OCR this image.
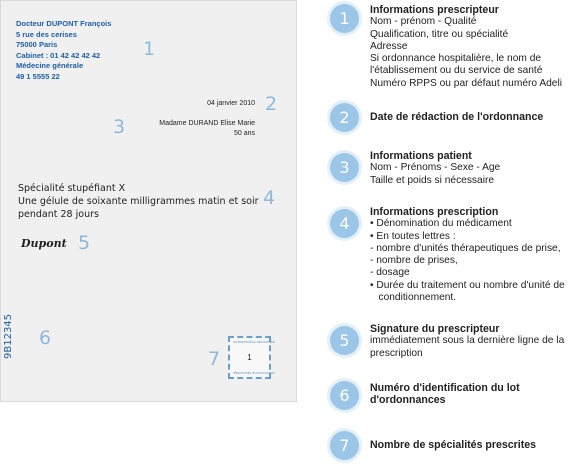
Docteur DUPONT François
5 rue des cerises
75000 Paris
Cabinet : 01 42 42 42 42
Médecine générale
49 1 5555 22
1
04 janvier 2010 2
Madame DURAND Elise Marie
50 ans
3
Spécialité stupéfiant X
Une gélule de soixante milligrammes matin et soir
pendant 28 jours
4
Dupont 5
9B12345 6
7
ORDONNANCE SÉCURISÉE
ORDONNANCE SÉCURISÉE
1
1	Informations prescripteur
Nom - prénom - Qualité
Qualification, titre ou spécialité
Adresse
Si ordonnance hospitalière, le nom de
l'établissement ou du service de santé
Numéro RPPS ou par défaut numéro Adeli
2	Date de rédaction de l'ordonnance
3
Informations patient
Nom - Prénoms - Sexe - Age
Taille et poids si nécessaire
4
Informations prescription
• Dénomination du médicament
• En toutes lettres :
- nombre d'unités thérapeutiques de prise,
- nombre de prises,
- dosage
• Durée du traitement ou nombre d'unité de
conditionnement.
5
Signature du prescripteur
immédiatement sous la dernière ligne de la
prescription
6	Numéro d'identification du lot
d'ordonnances
7	Nombre de spécialités prescrites
